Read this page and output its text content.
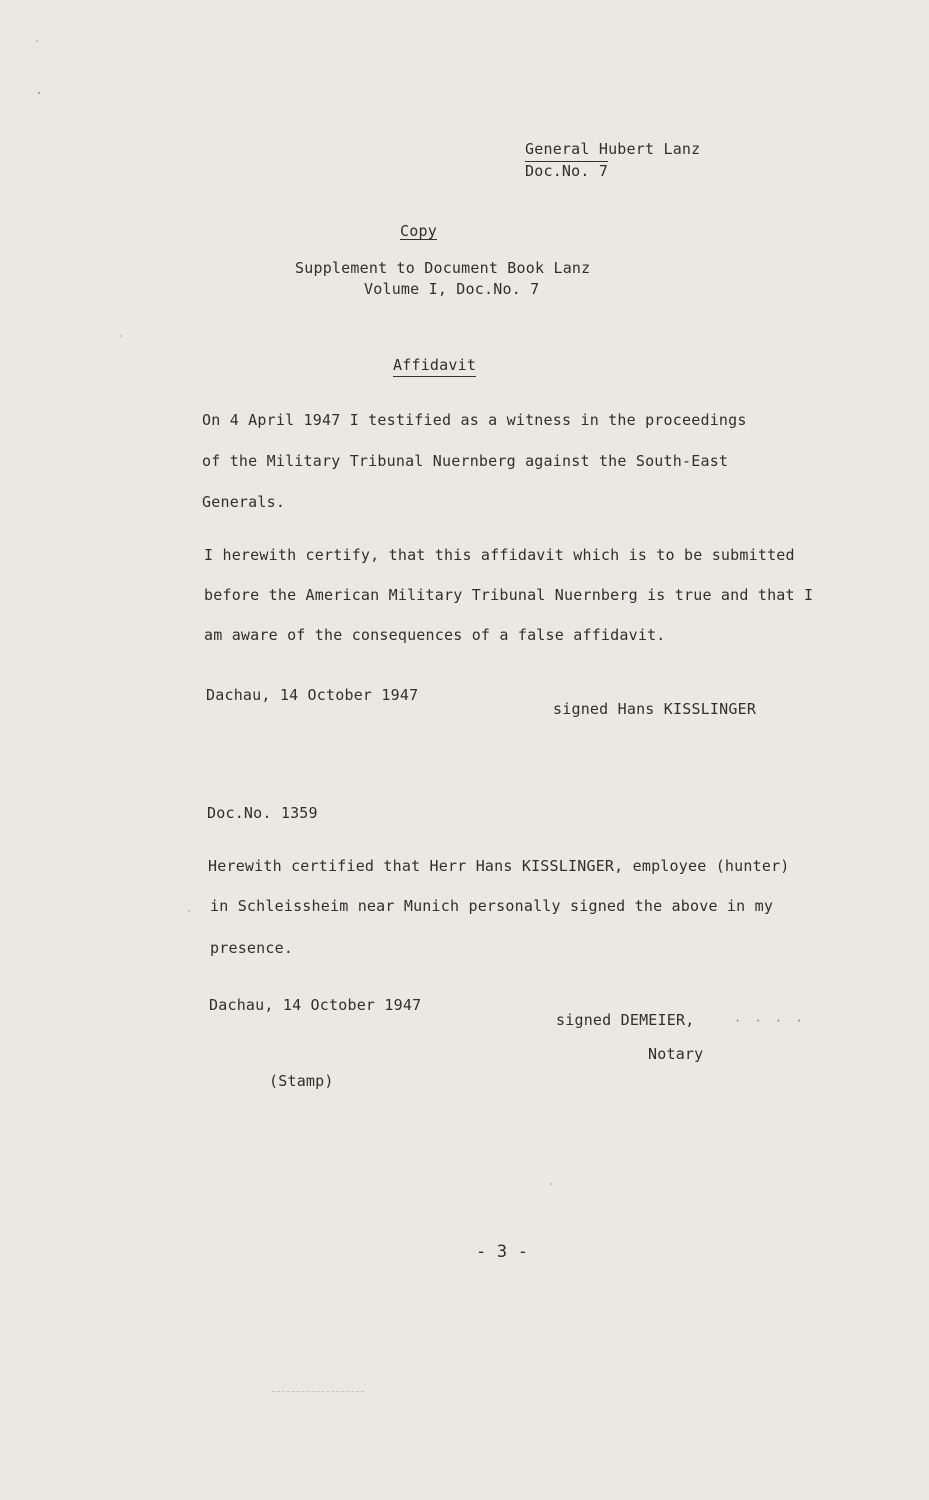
General Hubert Lanz

Doc.No. 7

Copy

Supplement to Document Book Lanz

Volume I, Doc.No. 7

Affidavit

On 4 April 1947 I testified as a witness in the proceedings

of the Military Tribunal Nuernberg against the South-East

Generals.

I herewith certify, that this affidavit which is to be submitted

before the American Military Tribunal Nuernberg is true and that I

am aware of the consequences of a false affidavit.

Dachau, 14 October 1947

signed Hans KISSLINGER

Doc.No. 1359

Herewith certified that Herr Hans KISSLINGER, employee (hunter)

in Schleissheim near Munich personally signed the above in my

presence.

Dachau, 14 October 1947

signed DEMEIER,	· · · ·

Notary

(Stamp)

- 3 -
